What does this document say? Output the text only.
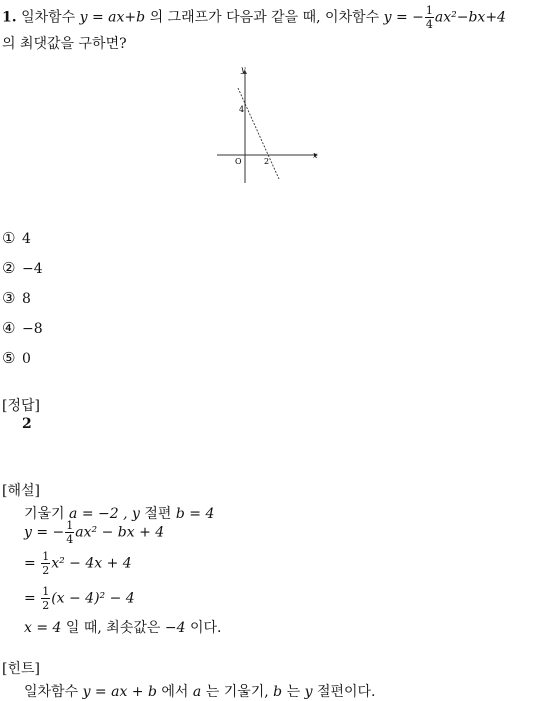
1. 일차함수 y = ax+b 의 그래프가 다음과 같을 때, 이차함수 y = − $\frac{1}{4} ax^2-bx+4$
의 최댓값을 구하면?
y
x
O
4
2
① 4
② −4
③ 8
④ −8
⑤ 0
[정답]
2
[해설]
기울기 a = −2 , y 절편 b = 4
y = − $\frac{1}{4} ax^2$ − bx + 4
= $\frac{1}{2} x^2 - 4x + 4$
= $\frac{1}{2} (x - 4)^2 - 4$
x = 4 일 때, 최솟값은 −4 이다.
[힌트]
일차함수 y = ax + b 에서 a 는 기울기, b 는 y 절편이다.
